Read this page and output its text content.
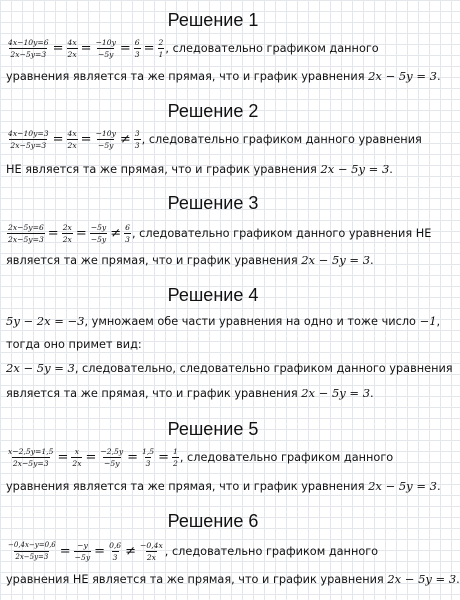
Решение 1
$\frac{4x-10y=6}{2x-5y=3} = \frac{4x}{2x} = \frac{-10y}{-5y} = \frac{6}{3} = \frac{2}{1}$ , следовательно графиком данного
уравнения является та же прямая, что и график уравнения 2x − 5y = 3.
Решение 2
$\frac{4x-10y=3}{2x-5y=3} = \frac{4x}{2x} = \frac{-10y}{-5y} \ne \frac{3}{3}$ , следовательно графиком данного уравнения
НЕ является та же прямая, что и график уравнения 2x − 5y = 3.
Решение 3
$\frac{2x-5y=6}{2x-5y=3} = \frac{2x}{2x} = \frac{-5y}{-5y} \ne \frac{6}{3}$ , следовательно графиком данного уравнения НЕ
является та же прямая, что и график уравнения 2x − 5y = 3.
Решение 4
5y − 2x = −3, умножаем обе части уравнения на одно и тоже число −1,
тогда оно примет вид:
2x − 5y = 3, следовательно, следовательно графиком данного уравнения
является та же прямая, что и график уравнения 2x − 5y = 3.
Решение 5
$\frac{x-2,5y=1,5}{2x-5y=3} = \frac{x}{2x} = \frac{-2,5y}{-5y} = \frac{1,5}{3} = \frac{1}{2}$ , следовательно графиком данного
уравнения является та же прямая, что и график уравнения 2x − 5y = 3.
Решение 6
$\frac{-0,4x-y=0,6}{2x-5y=3} = \frac{-y}{-5y} = \frac{0,6}{3} \ne \frac{-0,4x}{2x}$ , следовательно графиком данного
уравнения НЕ является та же прямая, что и график уравнения 2x − 5y = 3.
